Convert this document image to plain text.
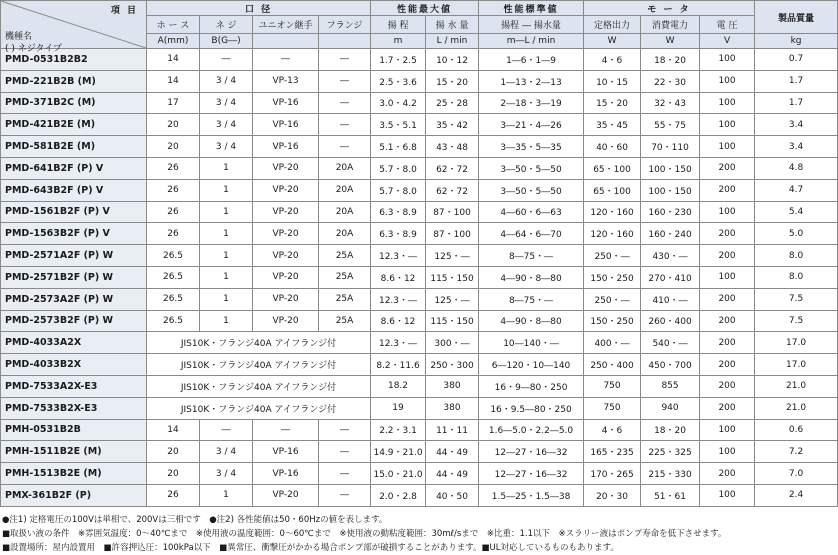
項 目
機種名
( ) ネジタイプ	口 径				性能最大値		性能標準値	モ ー タ			製品質量
	ホ ー ス	ネ ジ	ユニオン継手	フランジ	揚 程	揚 水 量	揚程 ― 揚水量	定格出力	消費電力	電 圧	
	A(mm)	B(G―)			m	L / min	m―L / min	W	W	V	kg
PMD-0531B2B2	14	―	―	―	1.7・2.5	10・12	1―6・1―9	4・6	18・20	100	0.7
PMD-221B2B (M)	14	3 / 4	VP-13	―	2.5・3.6	15・20	1―13・2―13	10・15	22・30	100	1.7
PMD-371B2C (M)	17	3 / 4	VP-16	―	3.0・4.2	25・28	2―18・3―19	15・20	32・43	100	1.7
PMD-421B2E (M)	20	3 / 4	VP-16	―	3.5・5.1	35・42	3―21・4―26	35・45	55・75	100	3.4
PMD-581B2E (M)	20	3 / 4	VP-16	―	5.1・6.8	43・48	3―35・5―35	40・60	70・110	100	3.4
PMD-641B2F (P) V	26	1	VP-20	20A	5.7・8.0	62・72	3―50・5―50	65・100	100・150	200	4.8
PMD-643B2F (P) V	26	1	VP-20	20A	5.7・8.0	62・72	3―50・5―50	65・100	100・150	200	4.7
PMD-1561B2F (P) V	26	1	VP-20	20A	6.3・8.9	87・100	4―60・6―63	120・160	160・230	100	5.4
PMD-1563B2F (P) V	26	1	VP-20	20A	6.3・8.9	87・100	4―64・6―70	120・160	160・240	200	5.0
PMD-2571A2F (P) W	26.5	1	VP-20	25A	12.3・―	125・―	8―75・―	250・―	430・―	200	8.0
PMD-2571B2F (P) W	26.5	1	VP-20	25A	8.6・12	115・150	4―90・8―80	150・250	270・410	100	8.0
PMD-2573A2F (P) W	26.5	1	VP-20	25A	12.3・―	125・―	8―75・―	250・―	410・―	200	7.5
PMD-2573B2F (P) W	26.5	1	VP-20	25A	8.6・12	115・150	4―90・8―80	150・250	260・400	200	7.5
PMD-4033A2X	JIS10K・フランジ40A アイフランジ付				12.3・―	300・―	10―140・―	400・―	540・―	200	17.0
PMD-4033B2X	JIS10K・フランジ40A アイフランジ付				8.2・11.6	250・300	6―120・10―140	250・400	450・700	200	17.0
PMD-7533A2X-E3	JIS10K・フランジ40A アイフランジ付				18.2	380	16・9―80・250	750	855	200	21.0
PMD-7533B2X-E3	JIS10K・フランジ40A アイフランジ付				19	380	16・9.5―80・250	750	940	200	21.0
PMH-0531B2B	14	―	―	―	2.2・3.1	11・11	1.6―5.0・2.2―5.0	4・6	18・20	100	0.6
PMH-1511B2E (M)	20	3 / 4	VP-16	―	14.9・21.0	44・49	12―27・16―32	165・235	225・325	100	7.2
PMH-1513B2E (M)	20	3 / 4	VP-16	―	15.0・21.0	44・49	12―27・16―32	170・265	215・330	200	7.0
PMX-361B2F (P)	26	1	VP-20	―	2.0・2.8	40・50	1.5―25・1.5―38	20・30	51・61	100	2.4
●注1) 定格電圧の100Vは単相で、200Vは三相です　●注2) 各性能値は50・60Hzの値を表します。
■取扱い液の条件　※雰囲気温度：0～40℃まで　※使用液の温度範囲：0～60℃まで　※使用液の動粘度範囲：30mℓ/sまで　※比重：1.1以下　※スラリー液はポンプ寿命を低下させます。
■設置場所：屋内設置用　■許容押込圧：100kPa以下　■異常圧、衝撃圧がかかる場合ポンプ部が破損することがあります。■UL対応しているものもあります。
